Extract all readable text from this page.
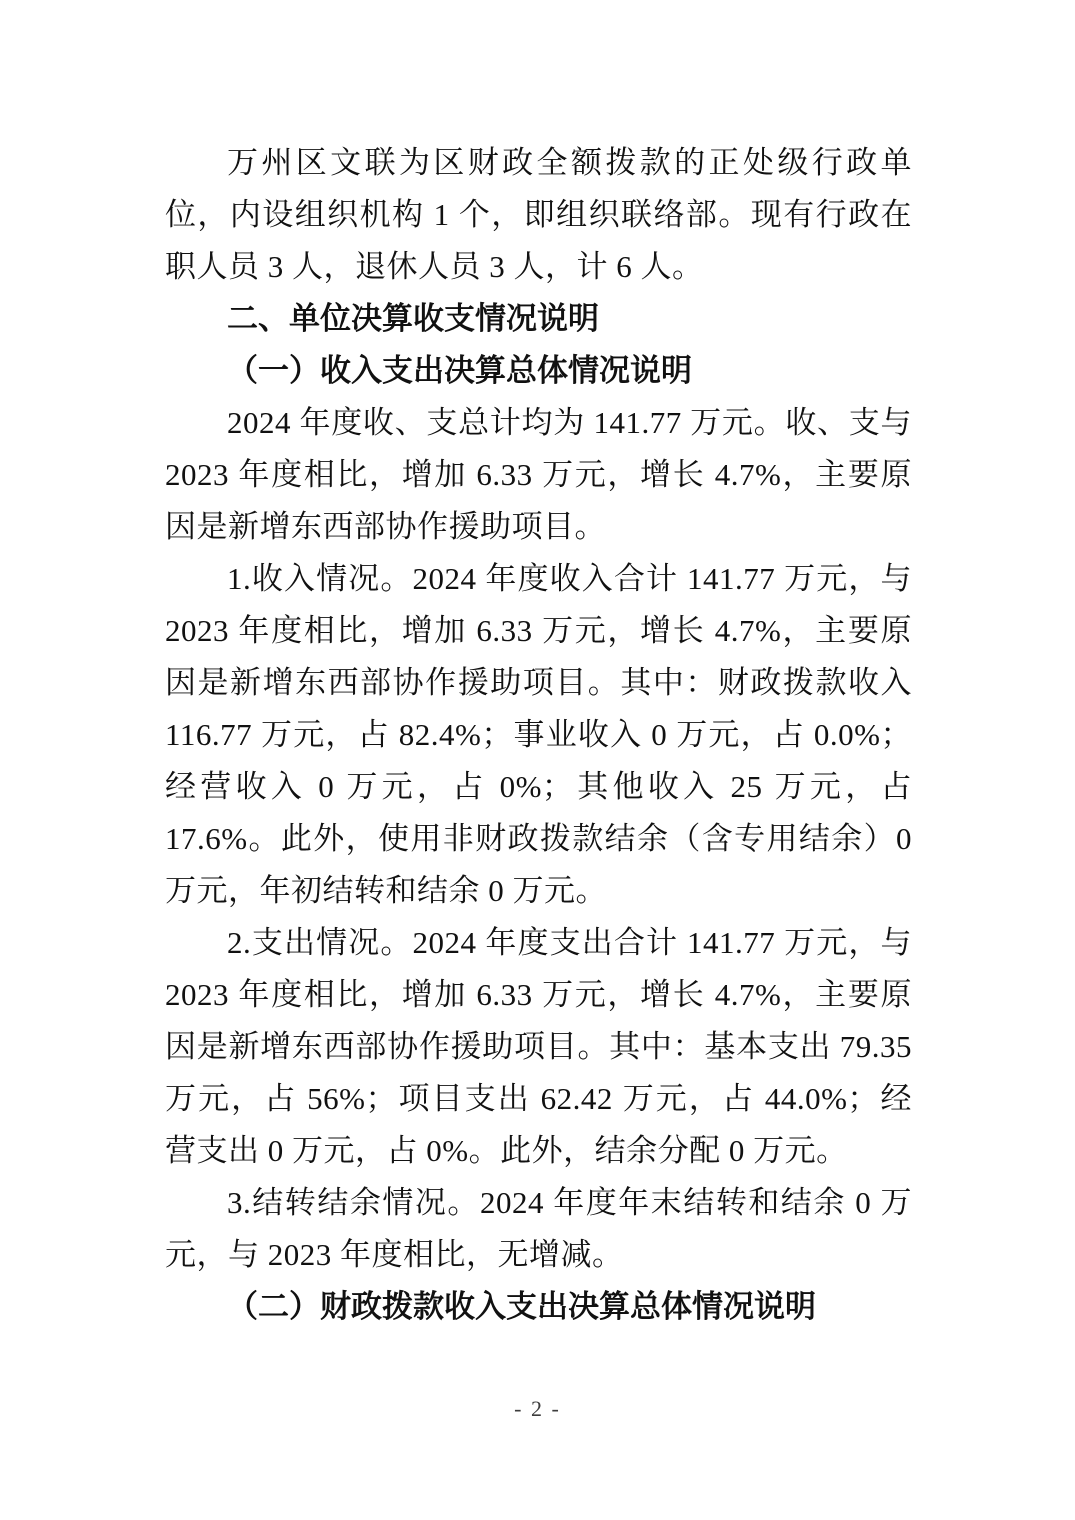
万州区文联为区财政全额拨款的正处级行政单位，内设组织机构 1 个，即组织联络部。现有行政在职人员 3 人，退休人员 3 人，计 6 人。

二、单位决算收支情况说明
（一）收入支出决算总体情况说明

2024 年度收、支总计均为 141.77 万元。收、支与 2023 年度相比，增加 6.33 万元，增长 4.7%，主要原因是新增东西部协作援助项目。

1.收入情况。2024 年度收入合计 141.77 万元，与 2023 年度相比，增加 6.33 万元，增长 4.7%，主要原因是新增东西部协作援助项目。其中：财政拨款收入 116.77 万元，占 82.4%；事业收入 0 万元，占 0.0%；经营收入 0 万元，占 0%；其他收入 25 万元，占 17.6%。此外，使用非财政拨款结余（含专用结余）0 万元，年初结转和结余 0 万元。

2.支出情况。2024 年度支出合计 141.77 万元，与 2023 年度相比，增加 6.33 万元，增长 4.7%，主要原因是新增东西部协作援助项目。其中：基本支出 79.35 万元，占 56%；项目支出 62.42 万元，占 44.0%；经营支出 0 万元，占 0%。此外，结余分配 0 万元。

3.结转结余情况。2024 年度年末结转和结余 0 万元，与 2023 年度相比，无增减。

（二）财政拨款收入支出决算总体情况说明
- 2 -
